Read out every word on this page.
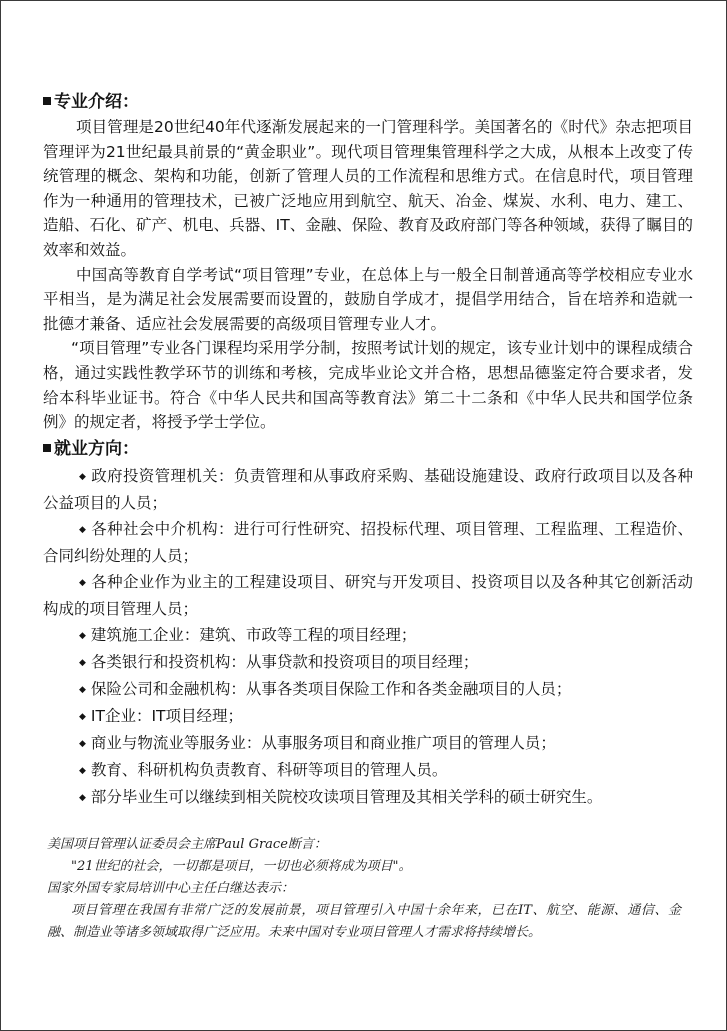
专业介绍：

项目管理是20世纪40年代逐渐发展起来的一门管理科学。美国著名的《时代》杂志把项目管理评为21世纪最具前景的“黄金职业”。现代项目管理集管理科学之大成，从根本上改变了传统管理的概念、架构和功能，创新了管理人员的工作流程和思维方式。在信息时代，项目管理作为一种通用的管理技术，已被广泛地应用到航空、航天、冶金、煤炭、水利、电力、建工、造船、石化、矿产、机电、兵器、IT、金融、保险、教育及政府部门等各种领域，获得了瞩目的效率和效益。

中国高等教育自学考试“项目管理”专业，在总体上与一般全日制普通高等学校相应专业水平相当，是为满足社会发展需要而设置的，鼓励自学成才，提倡学用结合，旨在培养和造就一批德才兼备、适应社会发展需要的高级项目管理专业人才。

“项目管理”专业各门课程均采用学分制，按照考试计划的规定，该专业计划中的课程成绩合格，通过实践性教学环节的训练和考核，完成毕业论文并合格，思想品德鉴定符合要求者，发给本科毕业证书。符合《中华人民共和国高等教育法》第二十二条和《中华人民共和国学位条例》的规定者，将授予学士学位。

就业方向：

◆ 政府投资管理机关：负责管理和从事政府采购、基础设施建设、政府行政项目以及各种公益项目的人员；
◆ 各种社会中介机构：进行可行性研究、招投标代理、项目管理、工程监理、工程造价、合同纠纷处理的人员；
◆ 各种企业作为业主的工程建设项目、研究与开发项目、投资项目以及各种其它创新活动构成的项目管理人员；
◆ 建筑施工企业：建筑、市政等工程的项目经理；
◆ 各类银行和投资机构：从事贷款和投资项目的项目经理；
◆ 保险公司和金融机构：从事各类项目保险工作和各类金融项目的人员；
◆ IT企业：IT项目经理；
◆ 商业与物流业等服务业：从事服务项目和商业推广项目的管理人员；
◆ 教育、科研机构负责教育、科研等项目的管理人员。
◆ 部分毕业生可以继续到相关院校攻读项目管理及其相关学科的硕士研究生。

美国项目管理认证委员会主席Paul Grace断言：

"21世纪的社会，一切都是项目，一切也必须将成为项目"。

国家外国专家局培训中心主任白继达表示：

项目管理在我国有非常广泛的发展前景，项目管理引入中国十余年来，已在IT、航空、能源、通信、金融、制造业等诸多领域取得广泛应用。未来中国对专业项目管理人才需求将持续增长。
